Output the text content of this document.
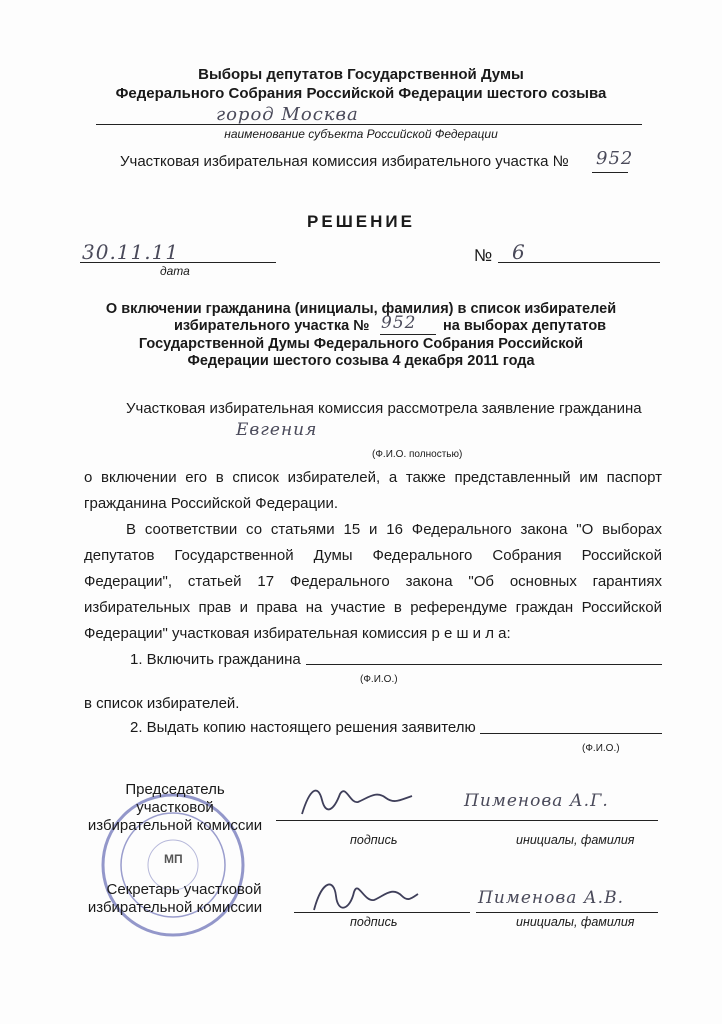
Выборы депутатов Государственной Думы
Федерального Собрания Российской Федерации шестого созыва
город Москва
наименование субъекта Российской Федерации
Участковая избирательная комиссия избирательного участка № 952
РЕШЕНИЕ
30.11.11
дата
№ 6
О включении гражданина (инициалы, фамилия) в список избирателей
избирательного участка № 952 на выборах депутатов
Государственной Думы Федерального Собрания Российской
Федерации шестого созыва 4 декабря 2011 года
Участковая избирательная комиссия рассмотрела заявление гражданина
Евгения
(Ф.И.О. полностью)
о включении его в список избирателей, а также представленный им паспорт
гражданина Российской Федерации.
В соответствии со статьями 15 и 16 Федерального закона "О выборах
депутатов Государственной Думы Федерального Собрания Российской
Федерации", статьей 17 Федерального закона "Об основных гарантиях
избирательных прав и права на участие в референдуме граждан Российской
Федерации" участковая избирательная комиссия р е ш и л а:
1. Включить гражданина
(Ф.И.О.)
в список избирателей.
2. Выдать копию настоящего решения заявителю
(Ф.И.О.)
МП
Председатель
участковой
избирательной комиссии
подпись
Пименова А.Г.
инициалы, фамилия
Секретарь участковой
избирательной комиссии
подпись
Пименова А.В.
инициалы, фамилия
